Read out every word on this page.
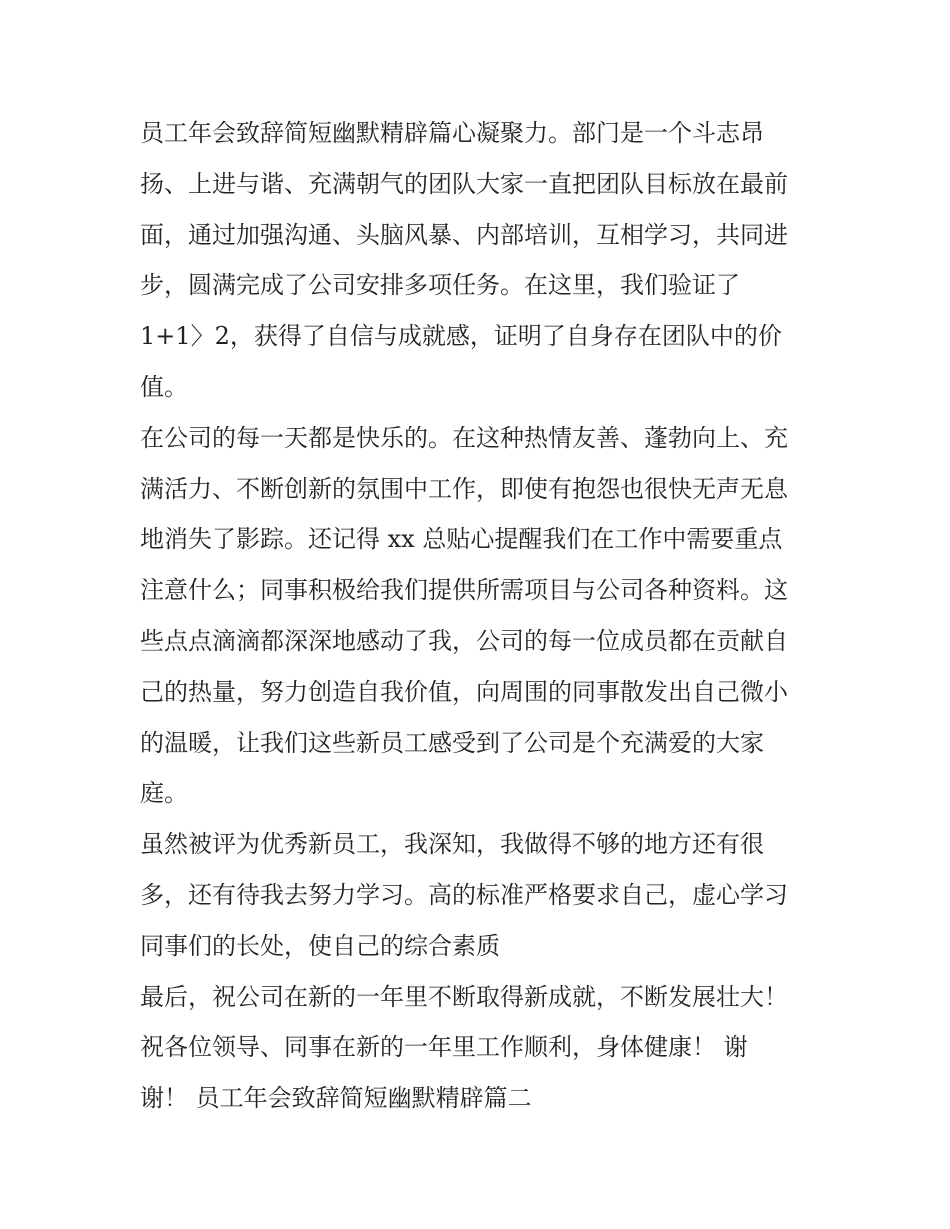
员工年会致辞简短幽默精辟篇心凝聚力。部门是一个斗志昂
扬、上进与谐、充满朝气的团队大家一直把团队目标放在最前
面，通过加强沟通、头脑风暴、内部培训，互相学习，共同进
步，圆满完成了公司安排多项任务。在这里，我们验证了
1+1〉2，获得了自信与成就感，证明了自身存在团队中的价
值。
在公司的每一天都是快乐的。在这种热情友善、蓬勃向上、充
满活力、不断创新的氛围中工作，即使有抱怨也很快无声无息
地消失了影踪。还记得 xx 总贴心提醒我们在工作中需要重点
注意什么；同事积极给我们提供所需项目与公司各种资料。这
些点点滴滴都深深地感动了我，公司的每一位成员都在贡献自
己的热量，努力创造自我价值，向周围的同事散发出自己微小
的温暖，让我们这些新员工感受到了公司是个充满爱的大家
庭。
虽然被评为优秀新员工，我深知，我做得不够的地方还有很
多，还有待我去努力学习。高的标准严格要求自己，虚心学习
同事们的长处，使自己的综合素质
最后，祝公司在新的一年里不断取得新成就，不断发展壮大！
祝各位领导、同事在新的一年里工作顺利，身体健康！ 谢
谢！ 员工年会致辞简短幽默精辟篇二
